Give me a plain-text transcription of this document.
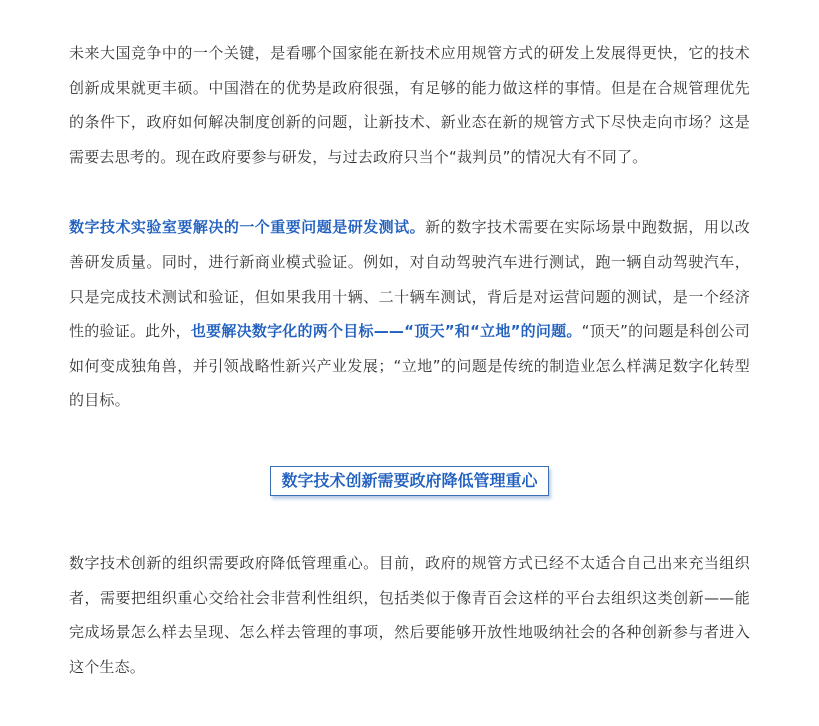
未来大国竞争中的一个关键，是看哪个国家能在新技术应用规管方式的研发上发展得更快，它的技术创新成果就更丰硕。中国潜在的优势是政府很强，有足够的能力做这样的事情。但是在合规管理优先的条件下，政府如何解决制度创新的问题，让新技术、新业态在新的规管方式下尽快走向市场？这是需要去思考的。现在政府要参与研发，与过去政府只当个“裁判员”的情况大有不同了。

数字技术实验室要解决的一个重要问题是研发测试。新的数字技术需要在实际场景中跑数据，用以改善研发质量。同时，进行新商业模式验证。例如，对自动驾驶汽车进行测试，跑一辆自动驾驶汽车，只是完成技术测试和验证，但如果我用十辆、二十辆车测试，背后是对运营问题的测试，是一个经济性的验证。此外，也要解决数字化的两个目标——“顶天”和“立地”的问题。“顶天”的问题是科创公司如何变成独角兽，并引领战略性新兴产业发展；“立地”的问题是传统的制造业怎么样满足数字化转型的目标。

数字技术创新需要政府降低管理重心

数字技术创新的组织需要政府降低管理重心。目前，政府的规管方式已经不太适合自己出来充当组织者，需要把组织重心交给社会非营利性组织，包括类似于像青百会这样的平台去组织这类创新——能完成场景怎么样去呈现、怎么样去管理的事项，然后要能够开放性地吸纳社会的各种创新参与者进入这个生态。
